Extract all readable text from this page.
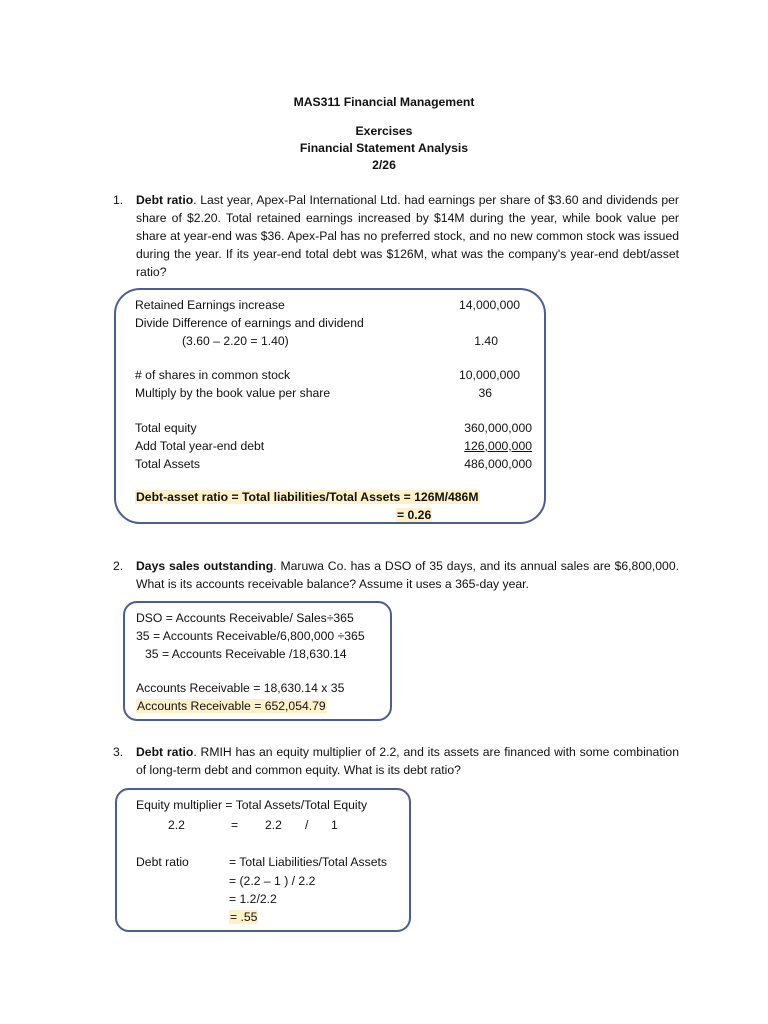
MAS311 Financial Management
Exercises
Financial Statement Analysis
2/26
1. Debt ratio. Last year, Apex-Pal International Ltd. had earnings per share of $3.60 and dividends per share of $2.20. Total retained earnings increased by $14M during the year, while book value per share at year-end was $36. Apex-Pal has no preferred stock, and no new common stock was issued during the year. If its year-end total debt was $126M, what was the company's year-end debt/asset ratio?
Retained Earnings increase	14,000,000
Divide Difference of earnings and dividend
(3.60 – 2.20 = 1.40)	1.40
# of shares in common stock	10,000,000
Multiply by the book value per share	36
Total equity	360,000,000
Add Total year-end debt	126,000,000
Total Assets	486,000,000
Debt-asset ratio = Total liabilities/Total Assets = 126M/486M
= 0.26
2. Days sales outstanding. Maruwa Co. has a DSO of 35 days, and its annual sales are $6,800,000. What is its accounts receivable balance? Assume it uses a 365-day year.
DSO = Accounts Receivable/ Sales÷365
35 = Accounts Receivable/6,800,000 ÷365
35 = Accounts Receivable /18,630.14
Accounts Receivable = 18,630.14 x 35
Accounts Receivable = 652,054.79
3. Debt ratio. RMIH has an equity multiplier of 2.2, and its assets are financed with some combination of long-term debt and common equity. What is its debt ratio?
Equity multiplier = Total Assets/Total Equity
2.2	= 2.2 / 1
Debt ratio	= Total Liabilities/Total Assets
= (2.2 – 1 ) / 2.2
= 1.2/2.2
= .55
